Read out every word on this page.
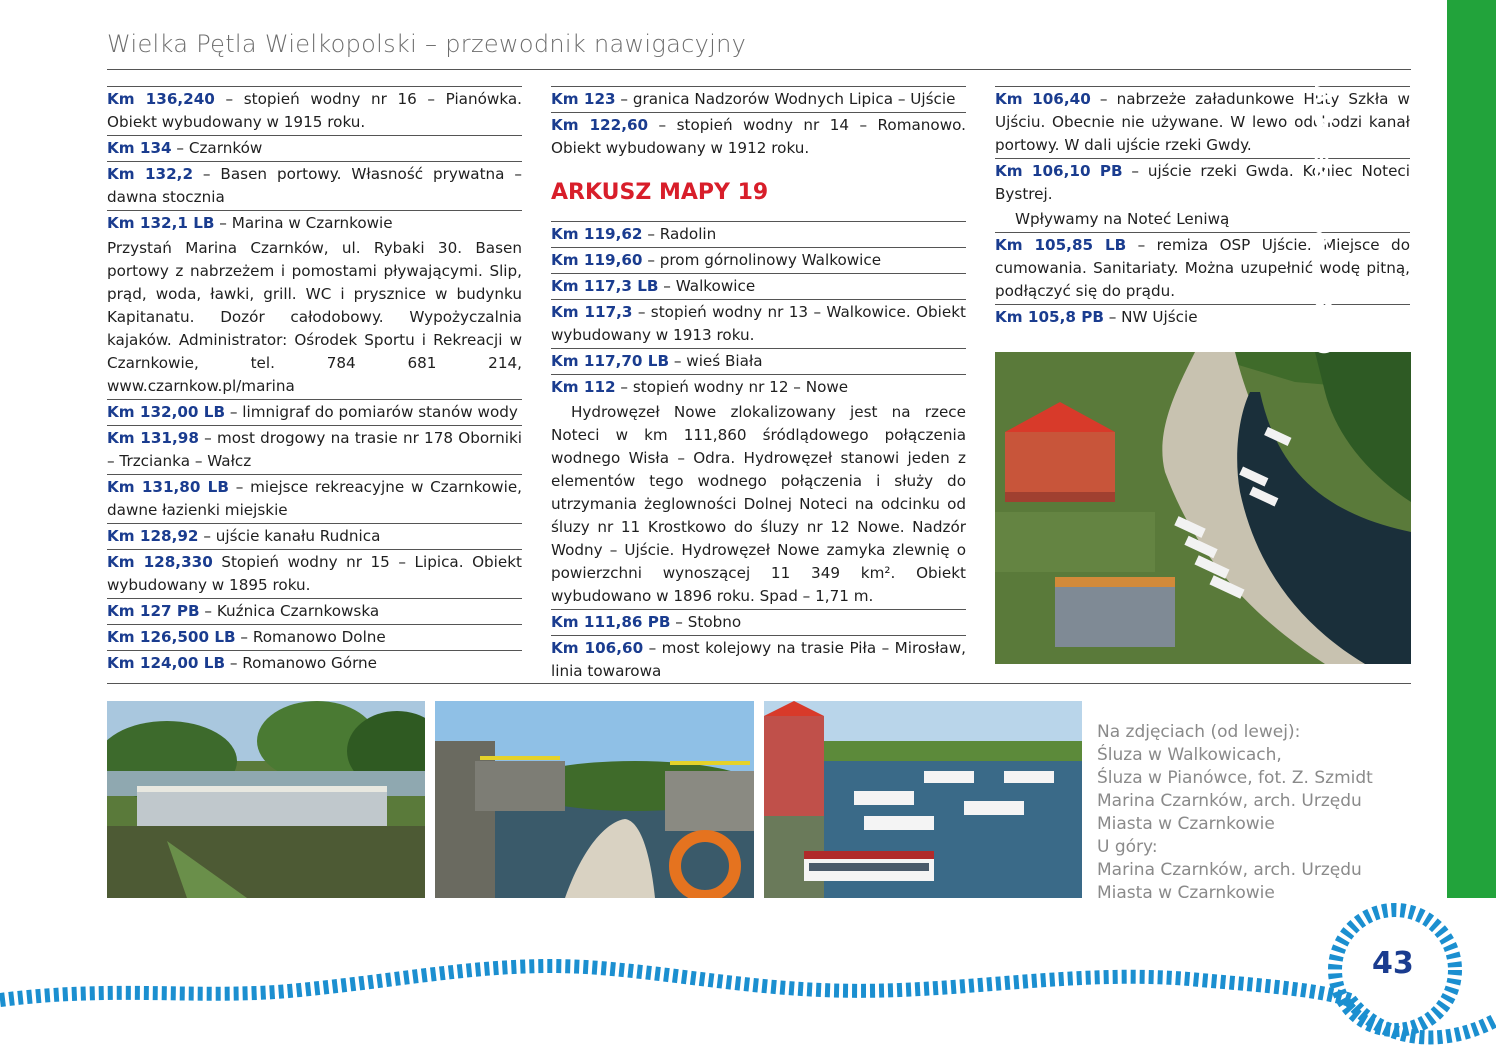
Wielka Pętla Wielkopolski – przewodnik nawigacyjny
Km 136,240 – stopień wodny nr 16 – Pianówka. Obiekt wybudowany w 1915 roku.
Km 134 – Czarnków
Km 132,2 – Basen portowy. Własność prywatna – dawna stocznia
Km 132,1 LB – Marina w Czarnkowie
Przystań Marina Czarnków, ul. Rybaki 30. Basen portowy z nabrzeżem i pomostami pływającymi. Slip, prąd, woda, ławki, grill. WC i prysznice w budynku Kapitanatu. Dozór całodobowy. Wypożyczalnia kajaków. Administrator: Ośrodek Sportu i Rekreacji w Czarnkowie, tel. 784 681 214, www.czarnkow.pl/marina
Km 132,00 LB – limnigraf do pomiarów stanów wody
Km 131,98 – most drogowy na trasie nr 178 Oborniki – Trzcianka – Wałcz
Km 131,80 LB – miejsce rekreacyjne w Czarnkowie, dawne łazienki miejskie
Km 128,92 – ujście kanału Rudnica
Km 128,330 Stopień wodny nr 15 – Lipica. Obiekt wybudowany w 1895 roku.
Km 127 PB – Kuźnica Czarnkowska
Km 126,500 LB – Romanowo Dolne
Km 124,00 LB – Romanowo Górne
Km 123 – granica Nadzorów Wodnych Lipica – Ujście
Km 122,60 – stopień wodny nr 14 – Romanowo. Obiekt wybudowany w 1912 roku.
ARKUSZ MAPY 19
Km 119,62 – Radolin
Km 119,60 – prom górnolinowy Walkowice
Km 117,3 LB – Walkowice
Km 117,3 – stopień wodny nr 13 – Walkowice. Obiekt wybudowany w 1913 roku.
Km 117,70 LB – wieś Biała
Km 112 – stopień wodny nr 12 – Nowe
Hydrowęzeł Nowe zlokalizowany jest na rzece Noteci w km 111,860 śródlądowego połączenia wodnego Wisła – Odra. Hydrowęzeł stanowi jeden z elementów tego wodnego połączenia i służy do utrzymania żeglowności Dolnej Noteci na odcinku od śluzy nr 11 Krostkowo do śluzy nr 12 Nowe. Nadzór Wodny – Ujście. Hydrowęzeł Nowe zamyka zlewnię o powierzchni wynoszącej 11 349 km². Obiekt wybudowano w 1896 roku. Spad – 1,71 m.
Km 111,86 PB – Stobno
Km 106,60 – most kolejowy na trasie Piła – Mirosław, linia towarowa
Km 106,40 – nabrzeże załadunkowe Huty Szkła w Ujściu. Obecnie nie używane. W lewo odchodzi kanał portowy. W dali ujście rzeki Gwdy.
Km 106,10 PB – ujście rzeki Gwda. Koniec Noteci Bystrej.
Wpływamy na Noteć Leniwą
Km 105,85 LB – remiza OSP Ujście. Miejsce do cumowania. Sanitariaty. Można uzupełnić wodę pitną, podłączyć się do prądu.
Km 105,8 PB – NW Ujście
Na zdjęciach (od lewej):
Śluza w Walkowicach,
Śluza w Pianówce, fot. Z. Szmidt
Marina Czarnków, arch. Urzędu
Miasta w Czarnkowie
U góry:
Marina Czarnków, arch. Urzędu
Miasta w Czarnkowie
Arkusze map 18–19
43
